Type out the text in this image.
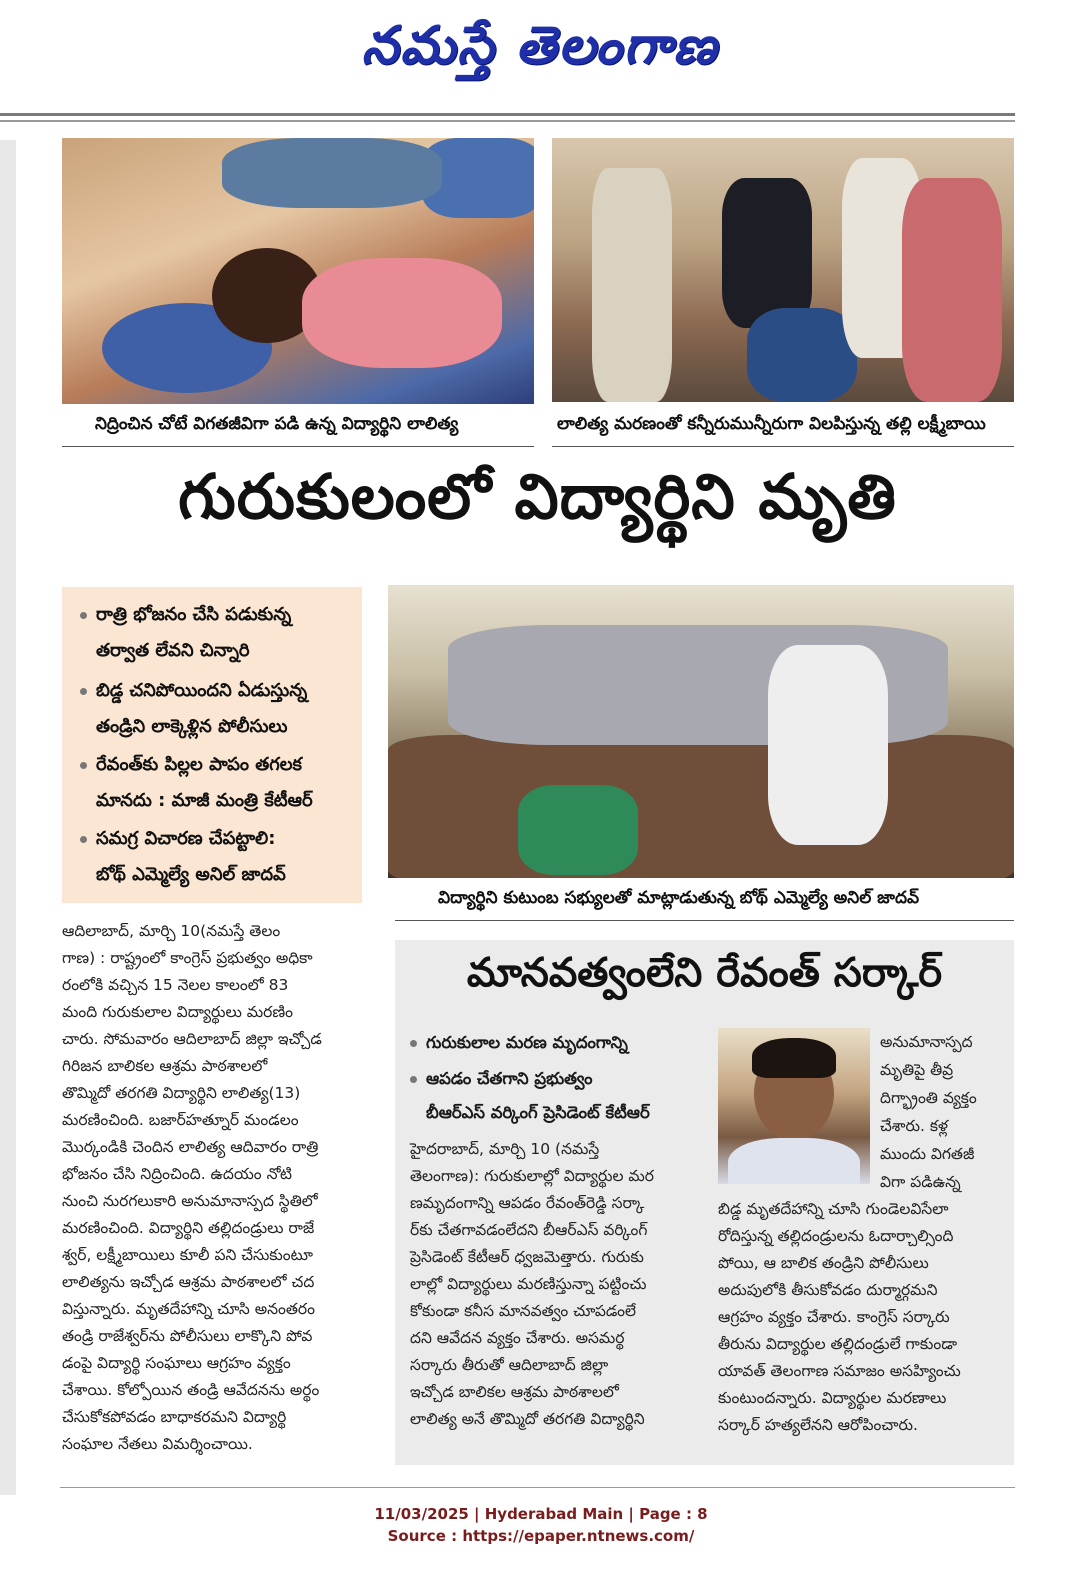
నమస్తే తెలంగాణ
నిద్రించిన చోటే విగతజీవిగా పడి ఉన్న విద్యార్థిని లాలిత్య	లాలిత్య మరణంతో కన్నీరుమున్నీరుగా విలపిస్తున్న తల్లి లక్ష్మీబాయి
గురుకులంలో విద్యార్థిని మృతి
రాత్రి భోజనం చేసి పడుకున్న
తర్వాత లేవని చిన్నారి
బిడ్డ చనిపోయిందని ఏడుస్తున్న
తండ్రిని లాక్కెళ్లిన పోలీసులు
రేవంత్‌కు పిల్లల పాపం తగలక
మానదు : మాజీ మంత్రి కేటీఆర్
సమగ్ర విచారణ చేపట్టాలి:
బోథ్ ఎమ్మెల్యే అనిల్ జాదవ్
విద్యార్థిని కుటుంబ సభ్యులతో మాట్లాడుతున్న బోథ్ ఎమ్మెల్యే అనిల్ జాదవ్
ఆదిలాబాద్, మార్చి 10(నమస్తే తెలం
గాణ) : రాష్ట్రంలో కాంగ్రెస్ ప్రభుత్వం అధికా
రంలోకి వచ్చిన 15 నెలల కాలంలో 83
మంది గురుకులాల విద్యార్థులు మరణిం
చారు. సోమవారం ఆదిలాబాద్ జిల్లా ఇచ్చోడ
గిరిజన బాలికల ఆశ్రమ పాఠశాలలో
తొమ్మిదో తరగతి విద్యార్థిని లాలిత్య(13)
మరణించింది. బజార్‌హత్నూర్ మండలం
మొర్కండికి చెందిన లాలిత్య ఆదివారం రాత్రి
భోజనం చేసి నిద్రించింది. ఉదయం నోటి
నుంచి నురగలుకారి అనుమానాస్పద స్థితిలో
మరణించింది. విద్యార్థిని తల్లిదండ్రులు రాజే
శ్వర్, లక్ష్మీబాయిలు కూలీ పని చేసుకుంటూ
లాలిత్యను ఇచ్చోడ ఆశ్రమ పాఠశాలలో చద
విస్తున్నారు. మృతదేహాన్ని చూసి అనంతరం
తండ్రి రాజేశ్వర్‌ను పోలీసులు లాక్కొని పోవ
డంపై విద్యార్థి సంఘాలు ఆగ్రహం వ్యక్తం
చేశాయి. కోల్పోయిన తండ్రి ఆవేదనను అర్థం
చేసుకోకపోవడం బాధాకరమని విద్యార్థి
సంఘాల నేతలు విమర్శించాయి.
మానవత్వంలేని రేవంత్ సర్కార్
గురుకులాల మరణ మృదంగాన్ని
ఆపడం చేతగాని ప్రభుత్వం
బీఆర్ఎస్ వర్కింగ్ ప్రెసిడెంట్ కేటీఆర్
హైదరాబాద్, మార్చి 10 (నమస్తే
తెలంగాణ): గురుకులాల్లో విద్యార్థుల మర
ణమృదంగాన్ని ఆపడం రేవంత్‌రెడ్డి సర్కా
ర్‌కు చేతగావడంలేదని బీఆర్ఎస్ వర్కింగ్
ప్రెసిడెంట్ కేటీఆర్ ధ్వజమెత్తారు. గురుకు
లాల్లో విద్యార్థులు మరణిస్తున్నా పట్టించు
కోకుండా కనీస మానవత్వం చూపడంలే
దని ఆవేదన వ్యక్తం చేశారు. అసమర్థ
సర్కారు తీరుతో ఆదిలాబాద్ జిల్లా
ఇచ్చోడ బాలికల ఆశ్రమ పాఠశాలలో
లాలిత్య అనే తొమ్మిదో తరగతి విద్యార్థిని
అనుమానాస్పద
మృతిపై తీవ్ర
దిగ్భ్రాంతి వ్యక్తం
చేశారు. కళ్ల
ముందు విగతజీ
విగా పడిఉన్న
బిడ్డ మృతదేహాన్ని చూసి గుండెలవిసేలా
రోదిస్తున్న తల్లిదండ్రులను ఓదార్చాల్సింది
పోయి, ఆ బాలిక తండ్రిని పోలీసులు
అదుపులోకి తీసుకోవడం దుర్మార్గమని
ఆగ్రహం వ్యక్తం చేశారు. కాంగ్రెస్ సర్కారు
తీరును విద్యార్థుల తల్లిదండ్రులే గాకుండా
యావత్ తెలంగాణ సమాజం అసహ్యించు
కుంటుందన్నారు. విద్యార్థుల మరణాలు
సర్కార్ హత్యలేనని ఆరోపించారు.
11/03/2025 | Hyderabad Main | Page : 8
Source : https://epaper.ntnews.com/
